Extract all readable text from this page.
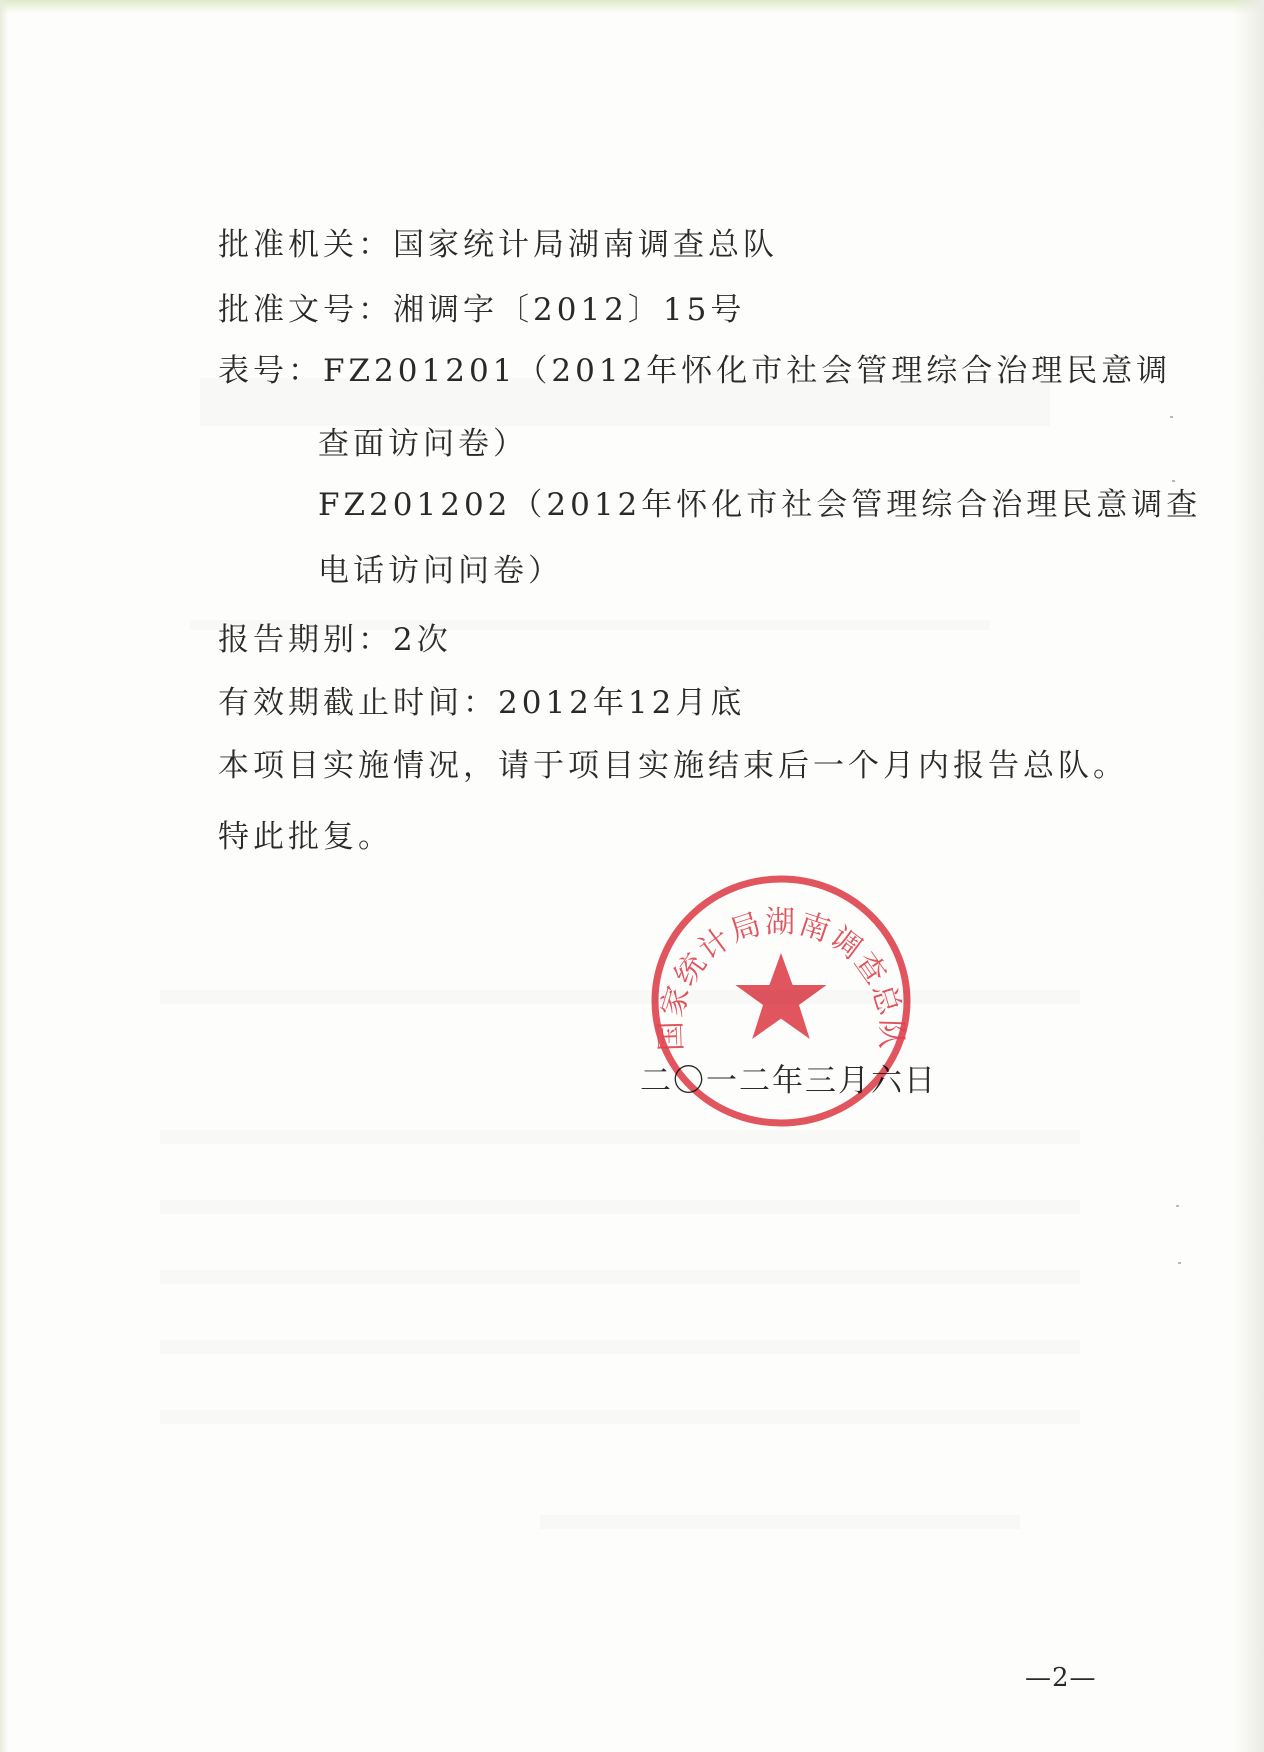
批准机关：国家统计局湖南调查总队
批准文号：湘调字〔2012〕15号
表号：FZ201201（2012年怀化市社会管理综合治理民意调
查面访问卷）
FZ201202（2012年怀化市社会管理综合治理民意调查
电话访问问卷）
报告期别：2次
有效期截止时间：2012年12月底
本项目实施情况，请于项目实施结束后一个月内报告总队。
特此批复。
二〇一二年三月六日
国家统计局湖南调查总队
—2—
